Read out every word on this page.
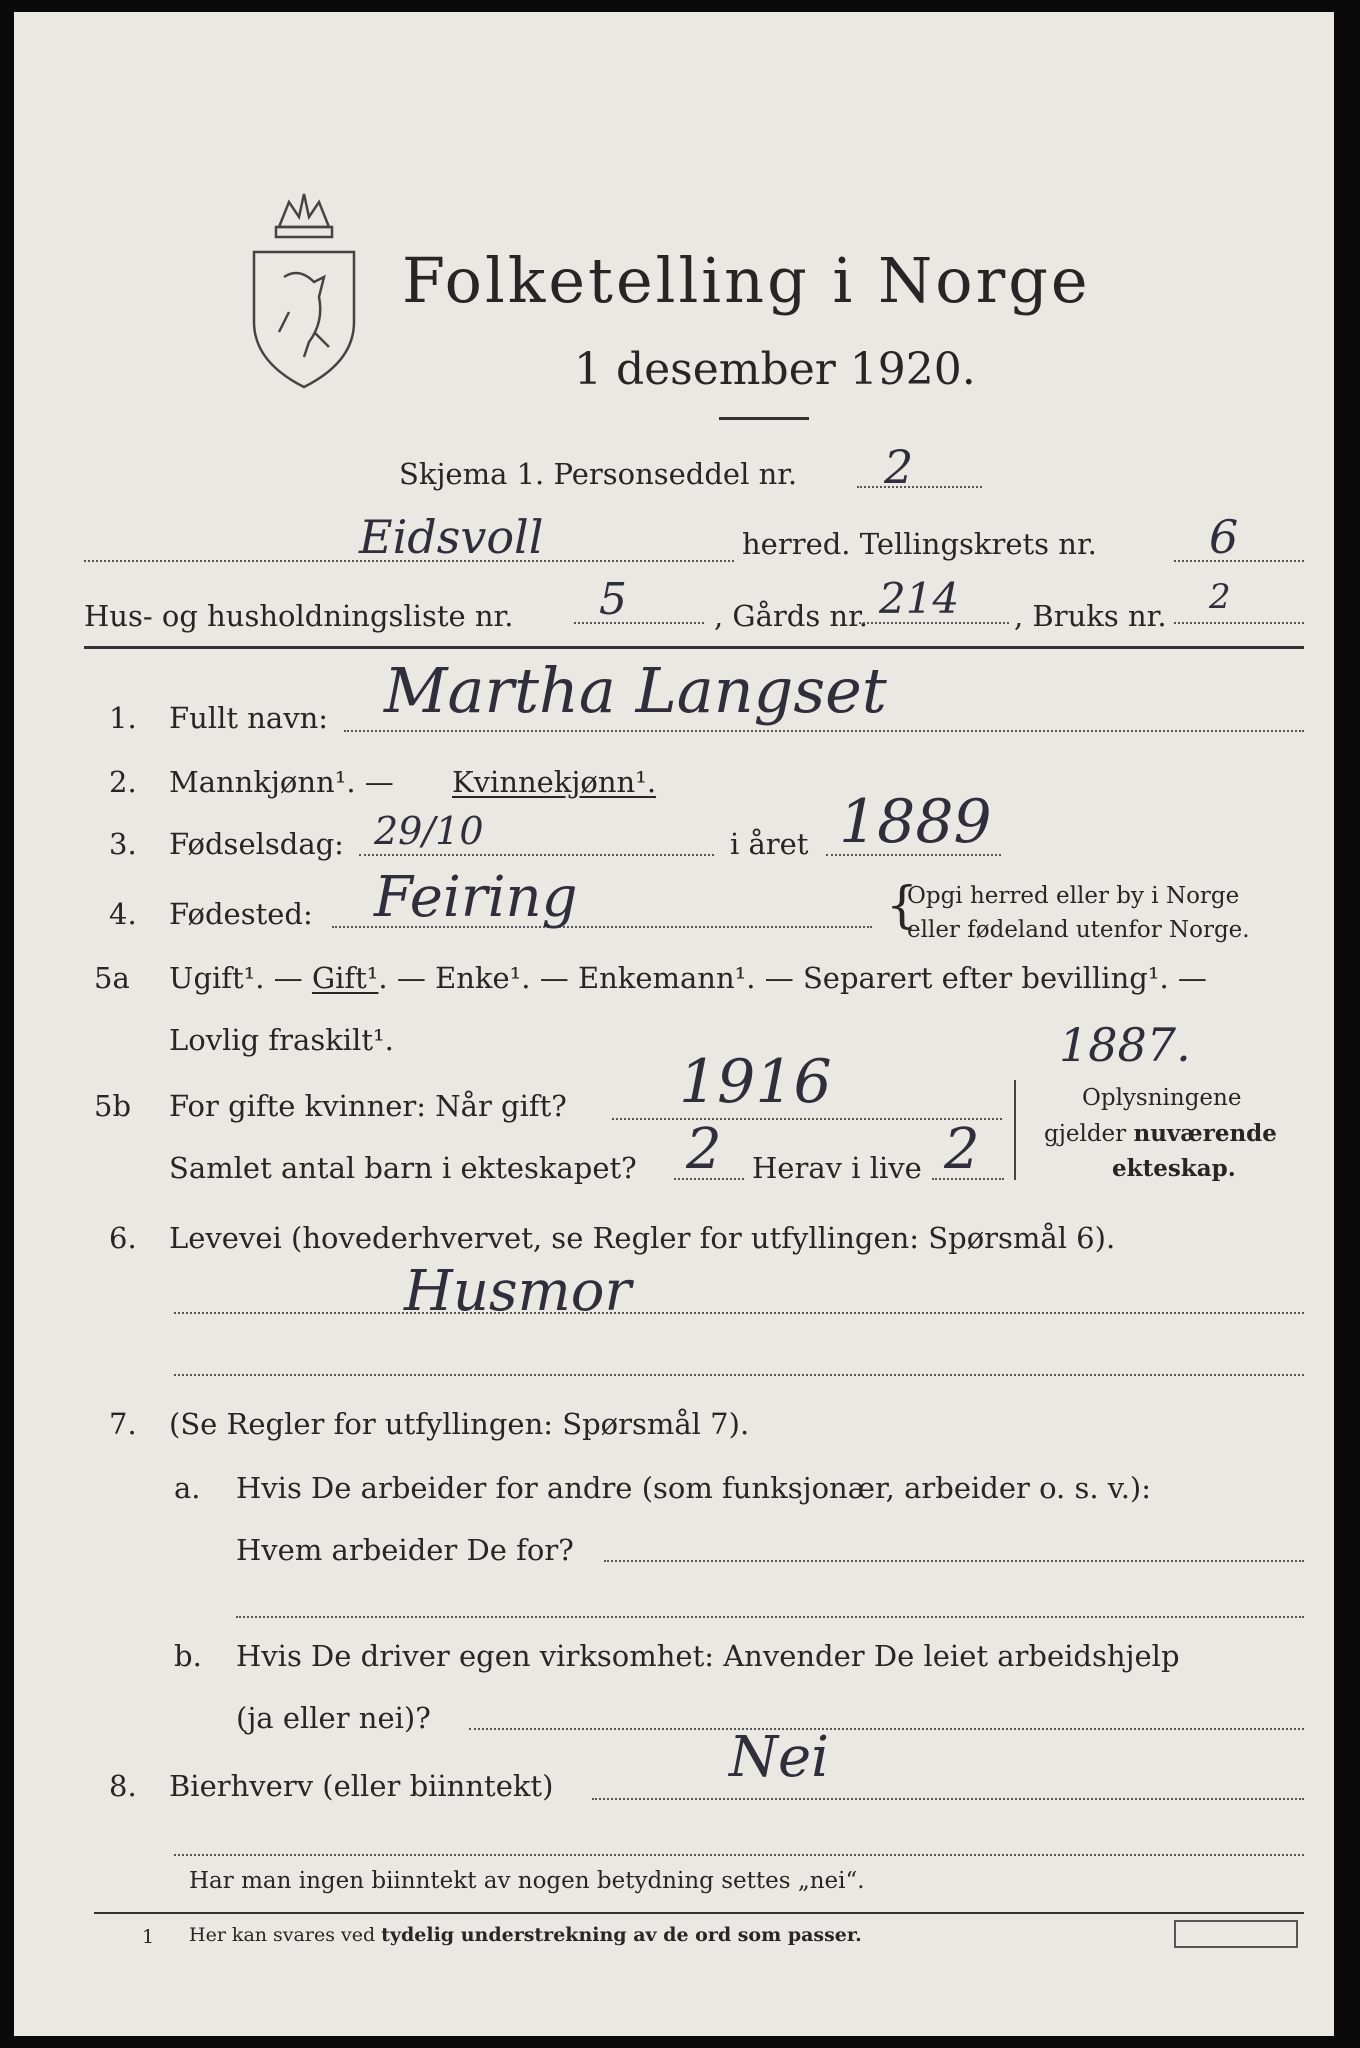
Folketelling i Norge
1 desember 1920.
Skjema 1. Personseddel nr. 2
Eidsvoll	herred. Tellingskrets nr. 6
Hus- og husholdningsliste nr. 5	, Gårds nr. 214 , Bruks nr. 2
1. Fullt navn: Martha Langset
2. Mannkjønn¹. — Kvinnekjønn¹.
3. Fødselsdag: 29/10	i året 1889
4. Fødested: Feiring	{
Opgi herred eller by i Norge
eller fødeland utenfor Norge.
5a Ugift¹. — Gift¹. — Enke¹. — Enkemann¹. — Separert efter bevilling¹. —
Lovlig fraskilt¹.	1887.
5b For gifte kvinner: Når gift? 1916
Samlet antal barn i ekteskapet? 2 Herav i live 2
Oplysningene
gjelder nuværende
ekteskap.
6. Levevei (hovederhvervet, se Regler for utfyllingen: Spørsmål 6).
Husmor
7. (Se Regler for utfyllingen: Spørsmål 7).
a. Hvis De arbeider for andre (som funksjonær, arbeider o. s. v.):
Hvem arbeider De for?
b. Hvis De driver egen virksomhet: Anvender De leiet arbeidshjelp
(ja eller nei)?
8. Bierhverv (eller biinntekt)	Nei
Har man ingen biinntekt av nogen betydning settes „nei“.
1 Her kan svares ved tydelig understrekning av de ord som passer.
